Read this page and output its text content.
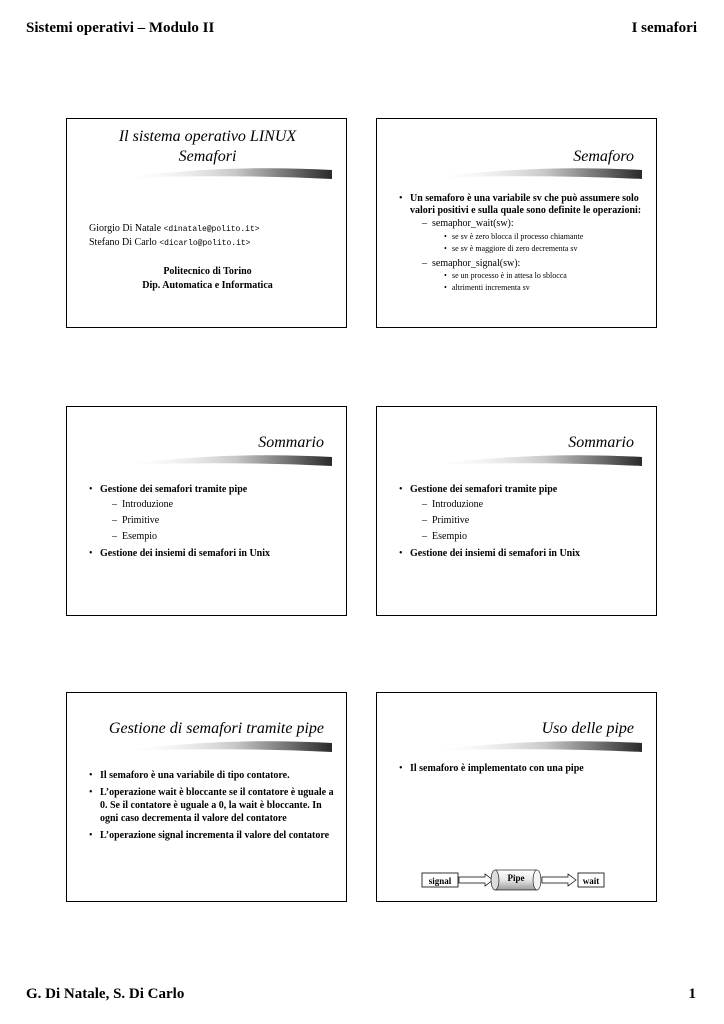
Sistemi operativi – Modulo II	I semafori
Il sistema operativo LINUX
Semafori
Giorgio Di Natale <dinatale@polito.it>
Stefano Di Carlo <dicarlo@polito.it>
Politecnico di Torino
Dip. Automatica e Informatica
Semaforo
• Un semaforo è una variabile sv che può assumere solo valori positivi e sulla quale sono definite le operazioni:
– semaphor_wait(sw):
• se sv è zero blocca il processo chiamante
• se sv è maggiore di zero decrementa sv
– semaphor_signal(sw):
• se un processo è in attesa lo sblocca
• altrimenti incrementa sv
Sommario
• Gestione dei semafori tramite pipe
– Introduzione
– Primitive
– Esempio
• Gestione dei insiemi di semafori in Unix
Sommario
• Gestione dei semafori tramite pipe
– Introduzione
– Primitive
– Esempio
• Gestione dei insiemi di semafori in Unix
Gestione di semafori tramite pipe
• Il semaforo è una variabile di tipo contatore.
• L’operazione wait è bloccante se il contatore è uguale a 0. Se il contatore è uguale a 0, la wait è bloccante. In ogni caso decrementa il valore del contatore
• L’operazione signal incrementa il valore del contatore
Uso delle pipe
• Il semaforo è implementato con una pipe
signal	Pipe	wait
G. Di Natale, S. Di Carlo	1
